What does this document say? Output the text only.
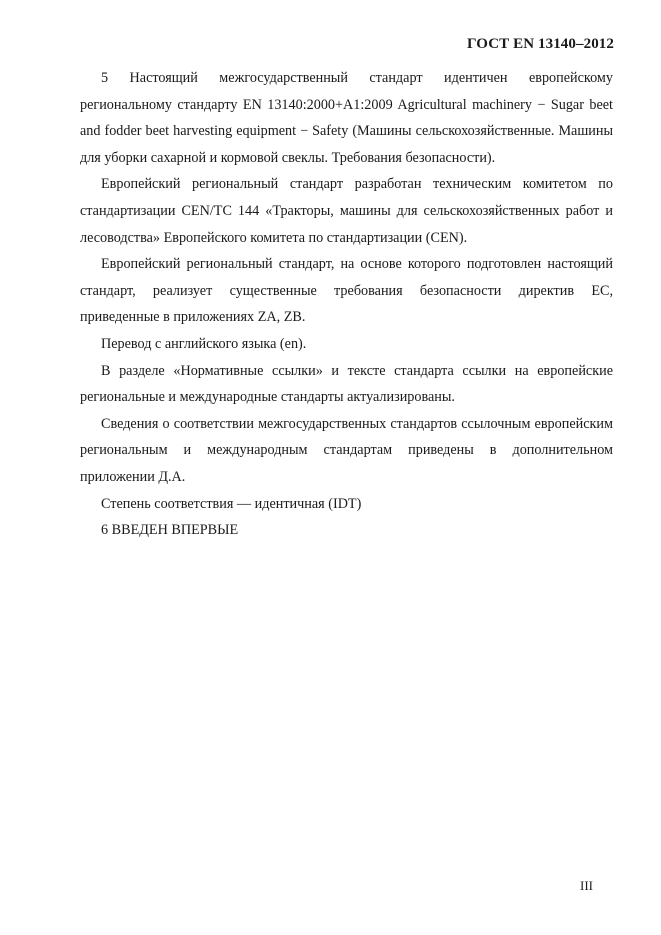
ГОСТ EN 13140–2012

5 Настоящий межгосударственный стандарт идентичен европейскому региональному стандарту EN 13140:2000+A1:2009 Agricultural machinery − Sugar beet and fodder beet harvesting equipment − Safety (Машины сельскохозяйственные. Машины для уборки сахарной и кормовой свеклы. Требования безопасности).

Европейский региональный стандарт разработан техническим комитетом по стандартизации CEN/TC 144 «Тракторы, машины для сельскохозяйственных работ и лесоводства» Европейского комитета по стандартизации (CEN).

Европейский региональный стандарт, на основе которого подготовлен настоящий стандарт, реализует существенные требования безопасности директив ЕС, приведенные в приложениях ZA, ZB.

Перевод с английского языка (en).

В разделе «Нормативные ссылки» и тексте стандарта ссылки на европейские региональные и международные стандарты актуализированы.

Сведения о соответствии межгосударственных стандартов ссылочным европейским региональным и международным стандартам приведены в дополнительном приложении Д.А.

Степень соответствия — идентичная (IDT)

6 ВВЕДЕН ВПЕРВЫЕ

III
